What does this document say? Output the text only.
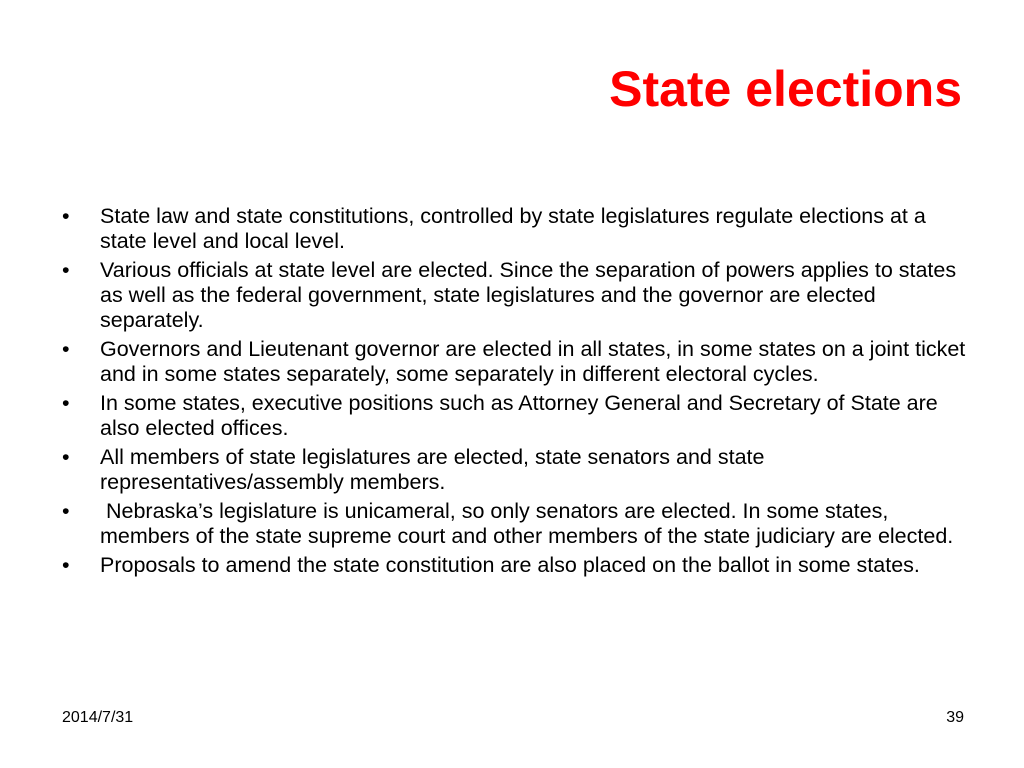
State elections
•	State law and state constitutions, controlled by state legislatures regulate elections at a state level and local level.
•	Various officials at state level are elected. Since the separation of powers applies to states as well as the federal government, state legislatures and the governor are elected separately.
•	Governors and Lieutenant governor are elected in all states, in some states on a joint ticket and in some states separately, some separately in different electoral cycles.
•	In some states, executive positions such as Attorney General and Secretary of State are also elected offices.
•	All members of state legislatures are elected, state senators and state representatives/assembly members.
•	Nebraska’s legislature is unicameral, so only senators are elected. In some states, members of the state supreme court and other members of the state judiciary are elected.
•	Proposals to amend the state constitution are also placed on the ballot in some states.
2014/7/31	39
